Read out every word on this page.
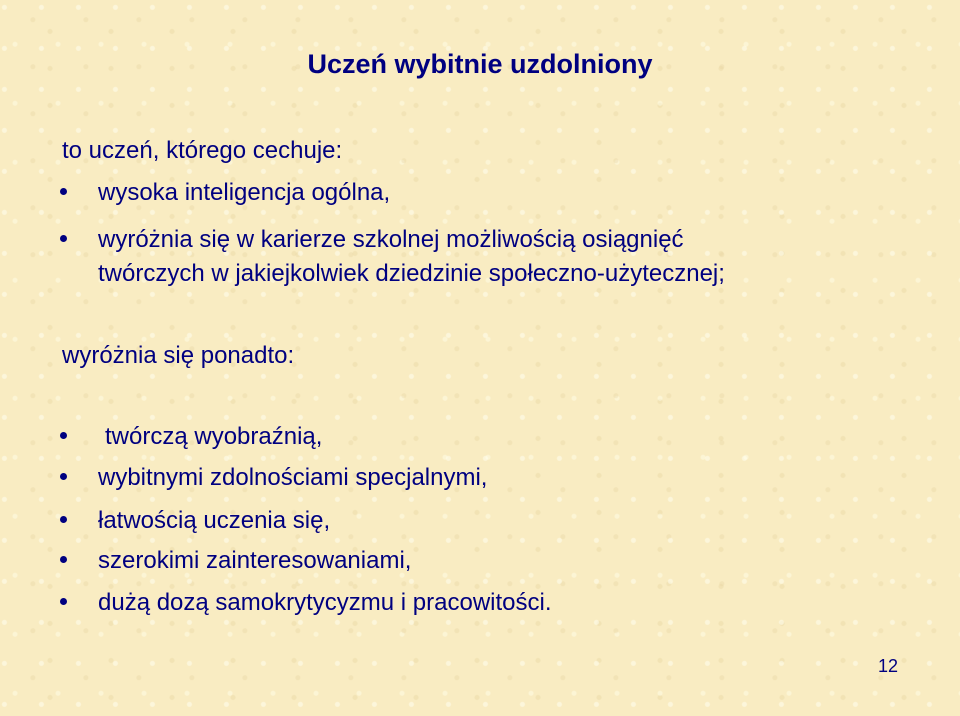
Uczeń wybitnie uzdolniony

to uczeń, którego cechuje:

wysoka inteligencja ogólna,
wyróżnia się w karierze szkolnej możliwością osiągnięć
twórczych w jakiejkolwiek dziedzinie społeczno-użytecznej;

wyróżnia się ponadto:

twórczą wyobraźnią,
wybitnymi zdolnościami specjalnymi,
łatwością uczenia się,
szerokimi zainteresowaniami,
dużą dozą samokrytycyzmu i pracowitości.
12
